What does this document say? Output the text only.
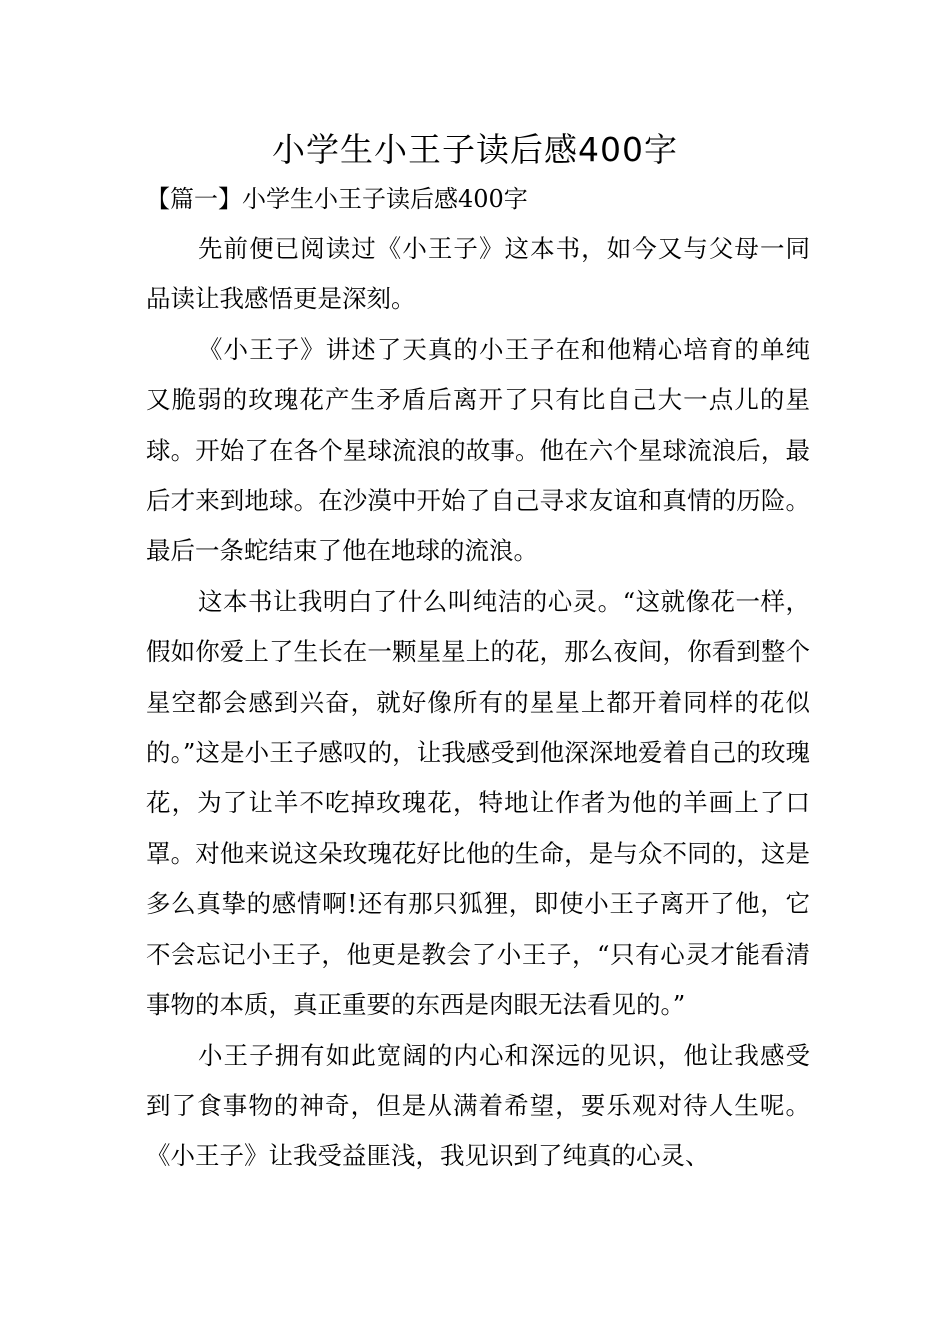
小学生小王子读后感400字
【篇一】小学生小王子读后感400字

先前便已阅读过《小王子》这本书，如今又与父母一同品读让我感悟更是深刻。

《小王子》讲述了天真的小王子在和他精心培育的单纯又脆弱的玫瑰花产生矛盾后离开了只有比自己大一点儿的星球。开始了在各个星球流浪的故事。他在六个星球流浪后，最后才来到地球。在沙漠中开始了自己寻求友谊和真情的历险。最后一条蛇结束了他在地球的流浪。

这本书让我明白了什么叫纯洁的心灵。“这就像花一样，假如你爱上了生长在一颗星星上的花，那么夜间，你看到整个星空都会感到兴奋，就好像所有的星星上都开着同样的花似的。”这是小王子感叹的，让我感受到他深深地爱着自己的玫瑰花，为了让羊不吃掉玫瑰花，特地让作者为他的羊画上了口罩。对他来说这朵玫瑰花好比他的生命，是与众不同的，这是多么真挚的感情啊!还有那只狐狸，即使小王子离开了他，它不会忘记小王子，他更是教会了小王子，“只有心灵才能看清事物的本质，真正重要的东西是肉眼无法看见的。”

小王子拥有如此宽阔的内心和深远的见识，他让我感受到了食事物的神奇，但是从满着希望，要乐观对待人生呢。《小王子》让我受益匪浅，我见识到了纯真的心灵、
